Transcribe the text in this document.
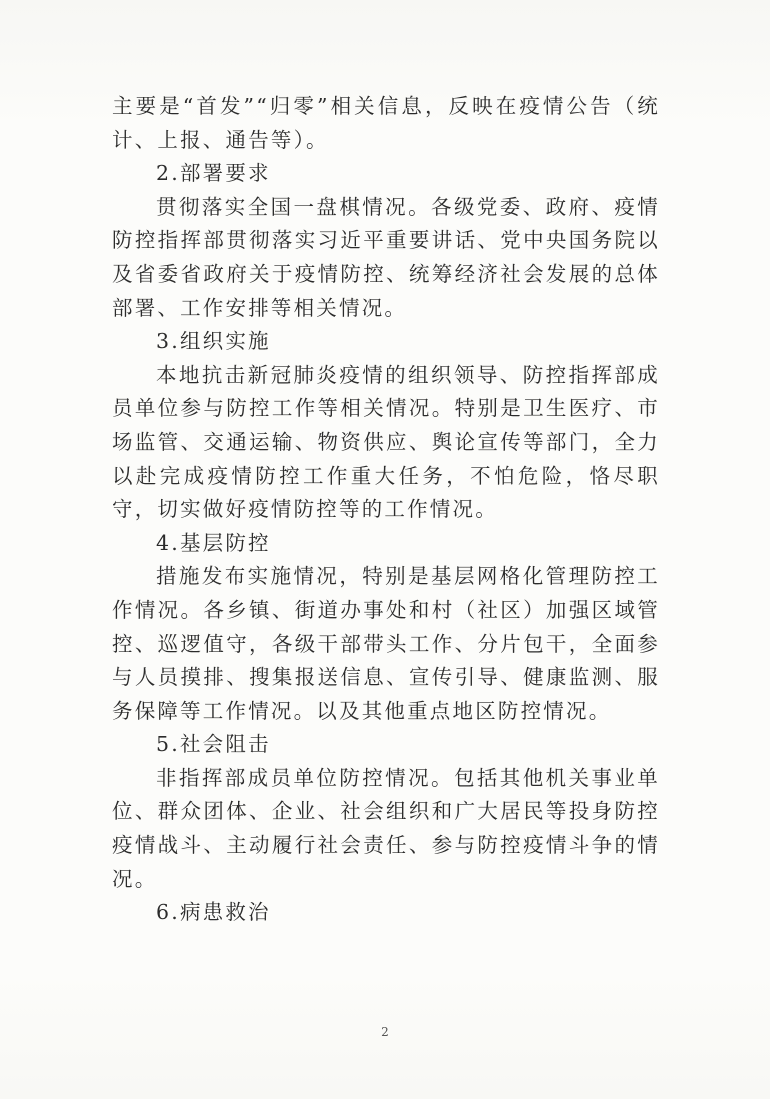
主要是“首发”“归零”相关信息，反映在疫情公告（统计、上报、通告等）。

2.部署要求

贯彻落实全国一盘棋情况。各级党委、政府、疫情防控指挥部贯彻落实习近平重要讲话、党中央国务院以及省委省政府关于疫情防控、统筹经济社会发展的总体部署、工作安排等相关情况。

3.组织实施

本地抗击新冠肺炎疫情的组织领导、防控指挥部成员单位参与防控工作等相关情况。特别是卫生医疗、市场监管、交通运输、物资供应、舆论宣传等部门，全力以赴完成疫情防控工作重大任务，不怕危险，恪尽职守，切实做好疫情防控等的工作情况。

4.基层防控

措施发布实施情况，特别是基层网格化管理防控工作情况。各乡镇、街道办事处和村（社区）加强区域管控、巡逻值守，各级干部带头工作、分片包干，全面参与人员摸排、搜集报送信息、宣传引导、健康监测、服务保障等工作情况。以及其他重点地区防控情况。

5.社会阻击

非指挥部成员单位防控情况。包括其他机关事业单位、群众团体、企业、社会组织和广大居民等投身防控疫情战斗、主动履行社会责任、参与防控疫情斗争的情况。

6.病患救治

2
